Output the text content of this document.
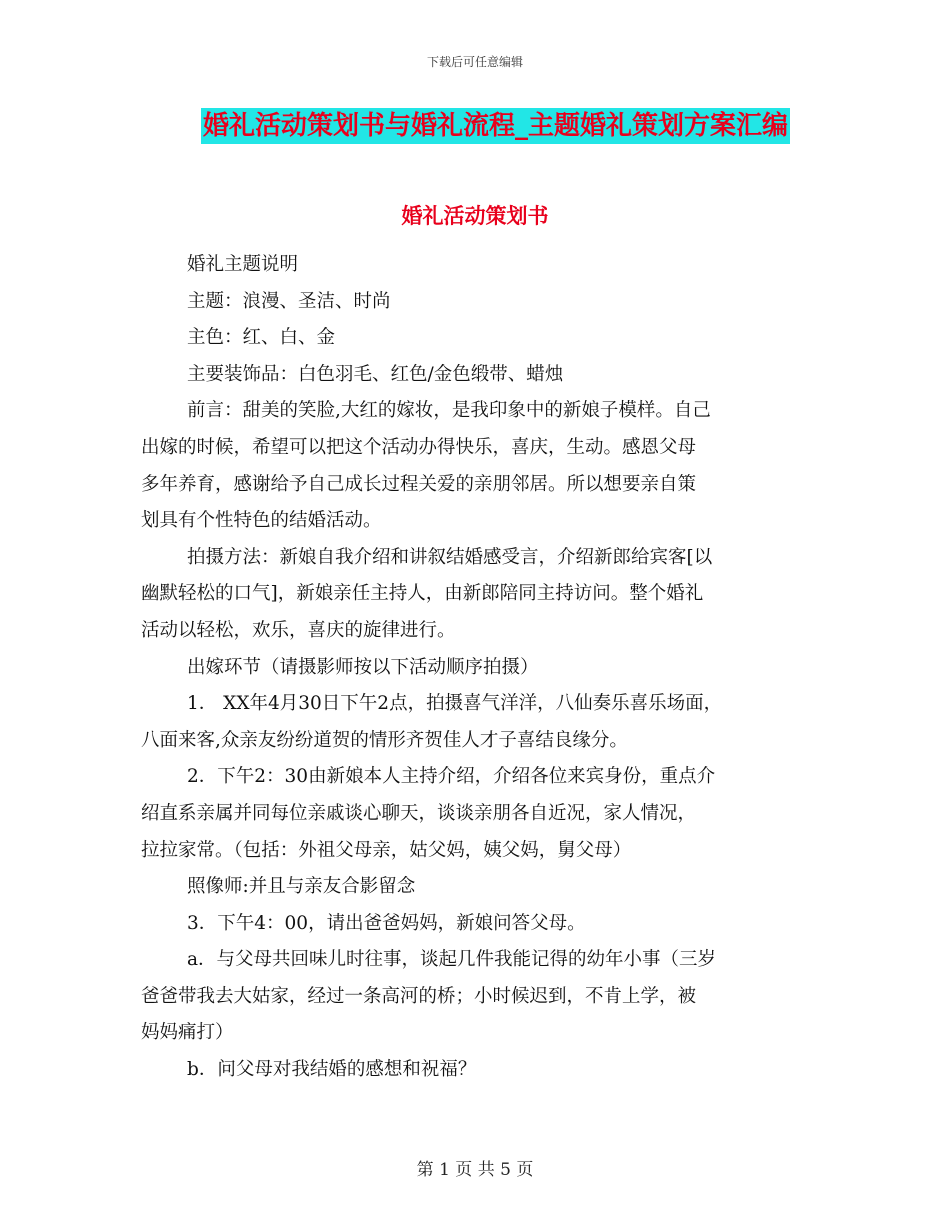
下载后可任意编辑
婚礼活动策划书与婚礼流程_主题婚礼策划方案汇编
婚礼活动策划书
婚礼主题说明
主题：浪漫、圣洁、时尚
主色：红、白、金
主要装饰品：白色羽毛、红色/金色缎带、蜡烛
前言：甜美的笑脸,大红的嫁妆，是我印象中的新娘子模样。自己
出嫁的时候，希望可以把这个活动办得快乐，喜庆，生动。感恩父母
多年养育，感谢给予自己成长过程关爱的亲朋邻居。所以想要亲自策
划具有个性特色的结婚活动。
拍摄方法：新娘自我介绍和讲叙结婚感受言，介绍新郎给宾客[以
幽默轻松的口气]，新娘亲任主持人，由新郎陪同主持访问。整个婚礼
活动以轻松，欢乐，喜庆的旋律进行。
出嫁环节（请摄影师按以下活动顺序拍摄）
1． XX年4月30日下午2点，拍摄喜气洋洋，八仙奏乐喜乐场面，
八面来客,众亲友纷纷道贺的情形齐贺佳人才子喜结良缘分。
2．下午2：30由新娘本人主持介绍，介绍各位来宾身份，重点介
绍直系亲属并同每位亲戚谈心聊天，谈谈亲朋各自近况，家人情况，
拉拉家常。（包括：外祖父母亲，姑父妈，姨父妈，舅父母）
照像师:并且与亲友合影留念
3．下午4：00，请出爸爸妈妈，新娘问答父母。
a．与父母共回味儿时往事，谈起几件我能记得的幼年小事（三岁
爸爸带我去大姑家，经过一条高河的桥；小时候迟到，不肯上学，被
妈妈痛打）
b．问父母对我结婚的感想和祝福？
第 1 页 共 5 页
